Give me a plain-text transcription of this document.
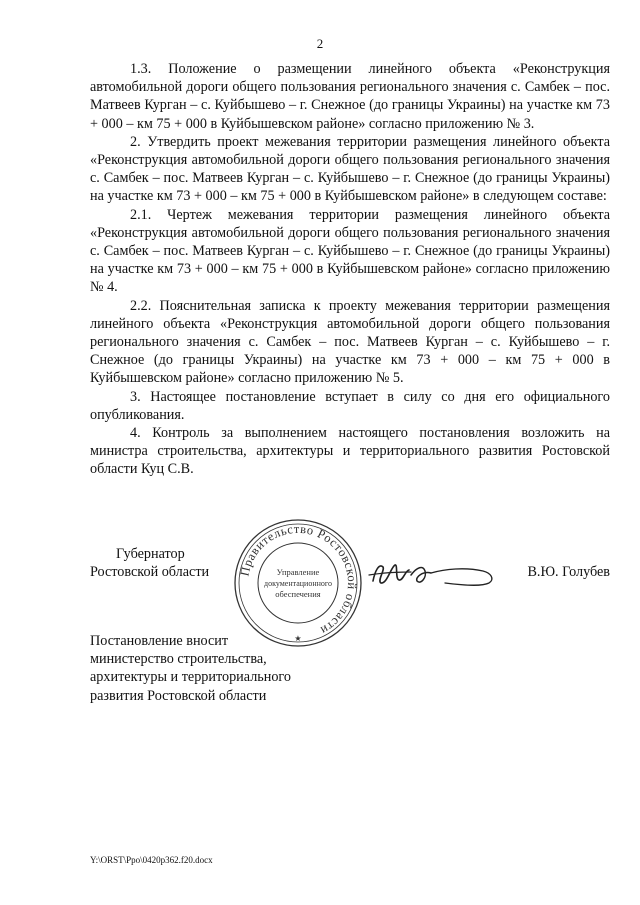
2

1.3. Положение о размещении линейного объекта «Реконструкция автомобильной дороги общего пользования регионального значения с. Самбек – пос. Матвеев Курган – с. Куйбышево – г. Снежное (до границы Украины) на участке км 73 + 000 – км 75 + 000 в Куйбышевском районе» согласно приложению № 3.

2. Утвердить проект межевания территории размещения линейного объекта «Реконструкция автомобильной дороги общего пользования регионального значения с. Самбек – пос. Матвеев Курган – с. Куйбышево – г. Снежное (до границы Украины) на участке км 73 + 000 – км 75 + 000 в Куйбышевском районе» в следующем составе:

2.1. Чертеж межевания территории размещения линейного объекта «Реконструкция автомобильной дороги общего пользования регионального значения с. Самбек – пос. Матвеев Курган – с. Куйбышево – г. Снежное (до границы Украины) на участке км 73 + 000 – км 75 + 000 в Куйбышевском районе» согласно приложению № 4.

2.2. Пояснительная записка к проекту межевания территории размещения линейного объекта «Реконструкция автомобильной дороги общего пользования регионального значения с. Самбек – пос. Матвеев Курган – с. Куйбышево – г. Снежное (до границы Украины) на участке км 73 + 000 – км 75 + 000 в Куйбышевском районе» согласно приложению № 5.

3. Настоящее постановление вступает в силу со дня его официального опубликования.

4. Контроль за выполнением настоящего постановления возложить на министра строительства, архитектуры и территориального развития Ростовской области Куц С.В.

Губернатор
Ростовской области	Правительство Ростовской области
Управление
документационного
обеспечения
★
В.Ю. Голубев
Постановление вносит
министерство строительства,
архитектуры и территориального
развития Ростовской области
Y:\ORST\Ppo\0420p362.f20.docx
